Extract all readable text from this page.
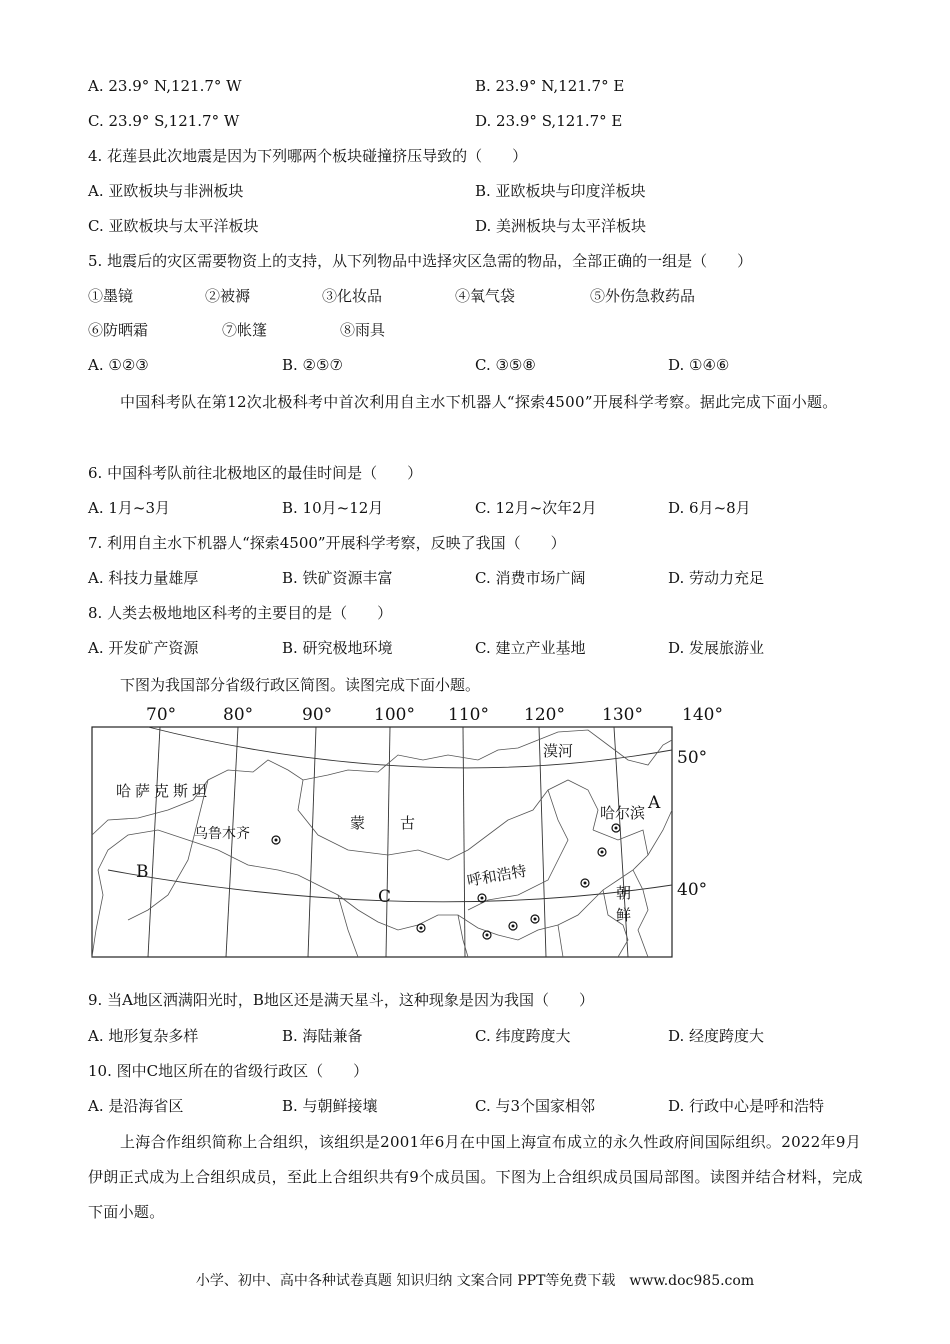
A. 23.9° N,121.7° W	B. 23.9° N,121.7° E
C. 23.9° S,121.7° W	D. 23.9° S,121.7° E
4. 花莲县此次地震是因为下列哪两个板块碰撞挤压导致的（　　）
A. 亚欧板块与非洲板块	B. 亚欧板块与印度洋板块
C. 亚欧板块与太平洋板块	D. 美洲板块与太平洋板块
5. 地震后的灾区需要物资上的支持，从下列物品中选择灾区急需的物品，全部正确的一组是（　　）
①墨镜	②被褥	③化妆品	④氧气袋	⑤外伤急救药品
⑥防晒霜	⑦帐篷	⑧雨具
A. ①②③	B. ②⑤⑦	C. ③⑤⑧	D. ①④⑥
中国科考队在第12次北极科考中首次利用自主水下机器人“探索4500”开展科学考察。据此完成下面小题。
6. 中国科考队前往北极地区的最佳时间是（　　）
A. 1月~3月	B. 10月~12月	C. 12月~次年2月	D. 6月~8月
7. 利用自主水下机器人“探索4500”开展科学考察，反映了我国（　　）
A. 科技力量雄厚	B. 铁矿资源丰富	C. 消费市场广阔	D. 劳动力充足
8. 人类去极地地区科考的主要目的是（　　）
A. 开发矿产资源	B. 研究极地环境	C. 建立产业基地	D. 发展旅游业
下图为我国部分省级行政区简图。读图完成下面小题。
70°	80°	90° 100° 110° 120° 130° 140°
50°
40°
哈萨克斯坦
蒙 古
漠河
哈尔滨
乌鲁木齐
呼和浩特
朝
鲜
A
B
C
9. 当A地区洒满阳光时，B地区还是满天星斗，这种现象是因为我国（　　）
A. 地形复杂多样	B. 海陆兼备	C. 纬度跨度大	D. 经度跨度大
10. 图中C地区所在的省级行政区（　　）
A. 是沿海省区	B. 与朝鲜接壤	C. 与3个国家相邻	D. 行政中心是呼和浩特
上海合作组织简称上合组织，该组织是2001年6月在中国上海宣布成立的永久性政府间国际组织。2022年9月伊朗正式成为上合组织成员，至此上合组织共有9个成员国。下图为上合组织成员国局部图。读图并结合材料，完成下面小题。
小学、初中、高中各种试卷真题 知识归纳 文案合同 PPT等免费下载　www.doc985.com
